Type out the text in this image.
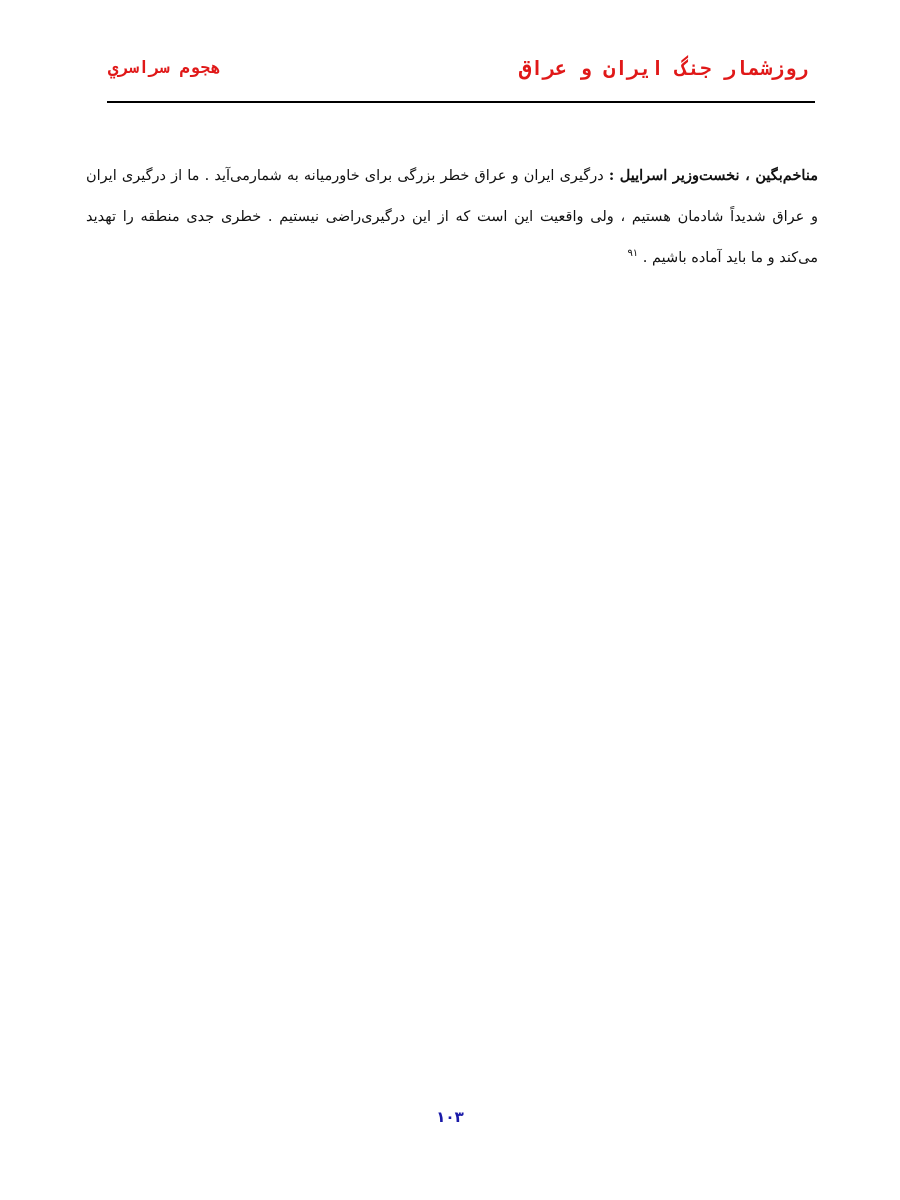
روزشمار جنگ ایران و عراق
هجوم سراسري

مناخم‌بگین ، نخست‌وزیر اسراییل : درگیری ایران و عراق خطر بزرگی برای خاورمیانه به شمارمی‌آید . ما از درگیری ایران و عراق شدیداً شادمان هستیم ، ولی واقعیت این است که از این درگیری‌راضی نیستیم . خطری جدی منطقه را تهدید می‌کند و ما باید آماده باشیم . $^{۹۱}$

۱۰۳
